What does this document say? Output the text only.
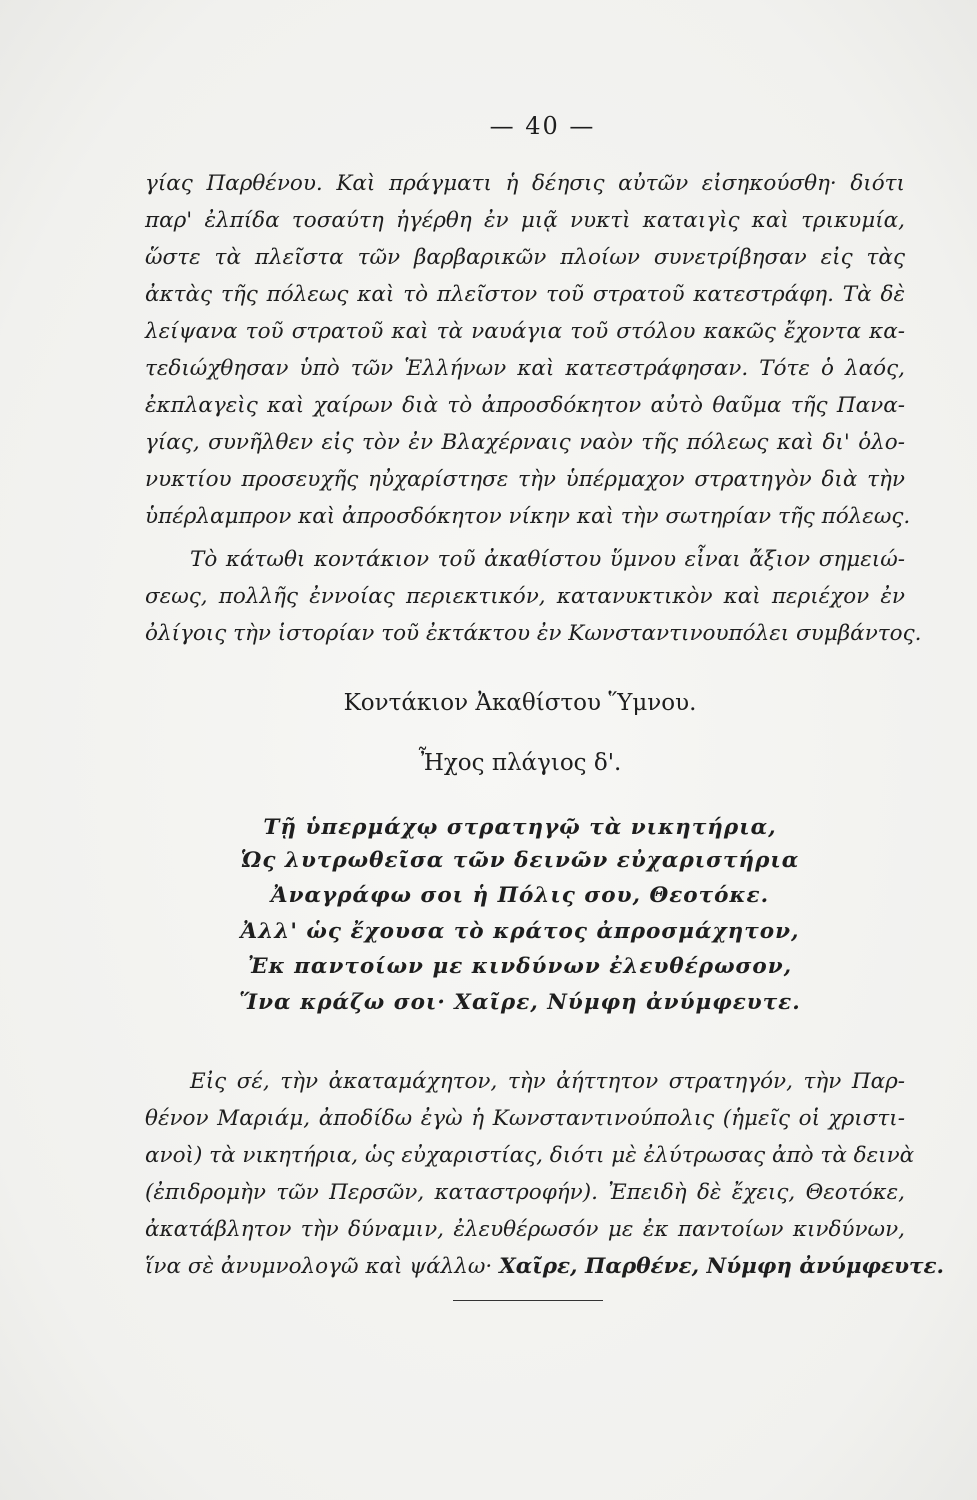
— 40 —
γίας Παρθένου. Καὶ πράγματι ἡ δέησις αὐτῶν εἰσηκούσθη· διότι
παρ' ἐλπίδα τοσαύτη ἠγέρθη ἐν μιᾷ νυκτὶ καταιγὶς καὶ τρικυμία,
ὥστε τὰ πλεῖστα τῶν βαρβαρικῶν πλοίων συνετρίβησαν εἰς τὰς
ἀκτὰς τῆς πόλεως καὶ τὸ πλεῖστον τοῦ στρατοῦ κατεστράφη. Τὰ δὲ
λείψανα τοῦ στρατοῦ καὶ τὰ ναυάγια τοῦ στόλου κακῶς ἔχοντα κα-
τεδιώχθησαν ὑπὸ τῶν Ἑλλήνων καὶ κατεστράφησαν. Τότε ὁ λαός,
ἐκπλαγεὶς καὶ χαίρων διὰ τὸ ἀπροσδόκητον αὐτὸ θαῦμα τῆς Πανα-
γίας, συνῆλθεν εἰς τὸν ἐν Βλαχέρναις ναὸν τῆς πόλεως καὶ δι' ὁλο-
νυκτίου προσευχῆς ηὐχαρίστησε τὴν ὑπέρμαχον στρατηγὸν διὰ τὴν
ὑπέρλαμπρον καὶ ἀπροσδόκητον νίκην καὶ τὴν σωτηρίαν τῆς πόλεως.
Τὸ κάτωθι κοντάκιον τοῦ ἀκαθίστου ὕμνου εἶναι ἄξιον σημειώ-
σεως, πολλῆς ἐννοίας περιεκτικόν, κατανυκτικὸν καὶ περιέχον ἐν
ὀλίγοις τὴν ἱστορίαν τοῦ ἐκτάκτου ἐν Κωνσταντινουπόλει συμβάντος.
Κοντάκιον Ἀκαθίστου Ὕμνου.
Ἦχος πλάγιος δ'.
Τῇ ὑπερμάχῳ στρατηγῷ τὰ νικητήρια,
Ὡς λυτρωθεῖσα τῶν δεινῶν εὐχαριστήρια
Ἀναγράφω σοι ἡ Πόλις σου, Θεοτόκε.
Ἀλλ' ὡς ἔχουσα τὸ κράτος ἀπροσμάχητον,
Ἐκ παντοίων με κινδύνων ἐλευθέρωσον,
Ἵνα κράζω σοι· Χαῖρε, Νύμφη ἀνύμφευτε.
Εἰς σέ, τὴν ἀκαταμάχητον, τὴν ἀήττητον στρατηγόν, τὴν Παρ-
θένον Μαριάμ, ἀποδίδω ἐγὼ ἡ Κωνσταντινούπολις (ἡμεῖς οἱ χριστι-
ανοὶ) τὰ νικητήρια, ὡς εὐχαριστίας, διότι μὲ ἐλύτρωσας ἀπὸ τὰ δεινὰ
(ἐπιδρομὴν τῶν Περσῶν, καταστροφήν). Ἐπειδὴ δὲ ἔχεις, Θεοτόκε,
ἀκατάβλητον τὴν δύναμιν, ἐλευθέρωσόν με ἐκ παντοίων κινδύνων,
ἵνα σὲ ἀνυμνολογῶ καὶ ψάλλω· Χαῖρε, Παρθένε, Νύμφη ἀνύμφευτε.
